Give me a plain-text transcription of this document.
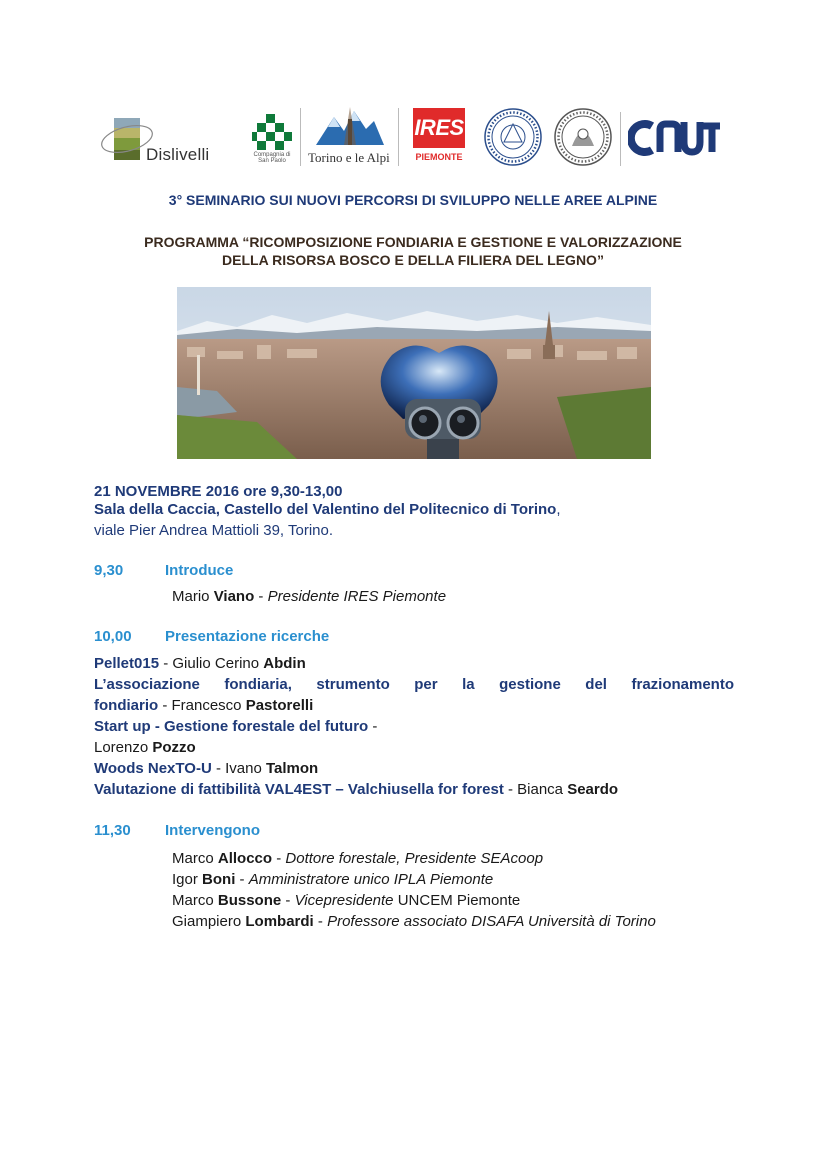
Dislivelli	Compagnia di San Paolo	Torino e le Alpi
IRES
PIEMONTE
3° SEMINARIO SUI NUOVI PERCORSI DI SVILUPPO NELLE AREE ALPINE
PROGRAMMA “RICOMPOSIZIONE FONDIARIA E GESTIONE E VALORIZZAZIONE
DELLA RISORSA BOSCO E DELLA FILIERA DEL LEGNO”
21 NOVEMBRE 2016 ore 9,30-13,00
Sala della Caccia, Castello del Valentino del Politecnico di Torino,
viale Pier Andrea Mattioli 39, Torino.
9,30	Introduce
Mario Viano - Presidente IRES Piemonte
10,00 Presentazione ricerche
Pellet015 - Giulio Cerino Abdin
L’associazione fondiaria, strumento per la gestione del frazionamento
fondiario - Francesco Pastorelli
Start up - Gestione forestale del futuro -
Lorenzo Pozzo
Woods NexTO-U - Ivano Talmon
Valutazione di fattibilità VAL4EST – Valchiusella for forest - Bianca Seardo
11,30 Intervengono
Marco Allocco - Dottore forestale, Presidente SEAcoop
Igor Boni - Amministratore unico IPLA Piemonte
Marco Bussone - Vicepresidente UNCEM Piemonte
Giampiero Lombardi - Professore associato DISAFA Università di Torino
